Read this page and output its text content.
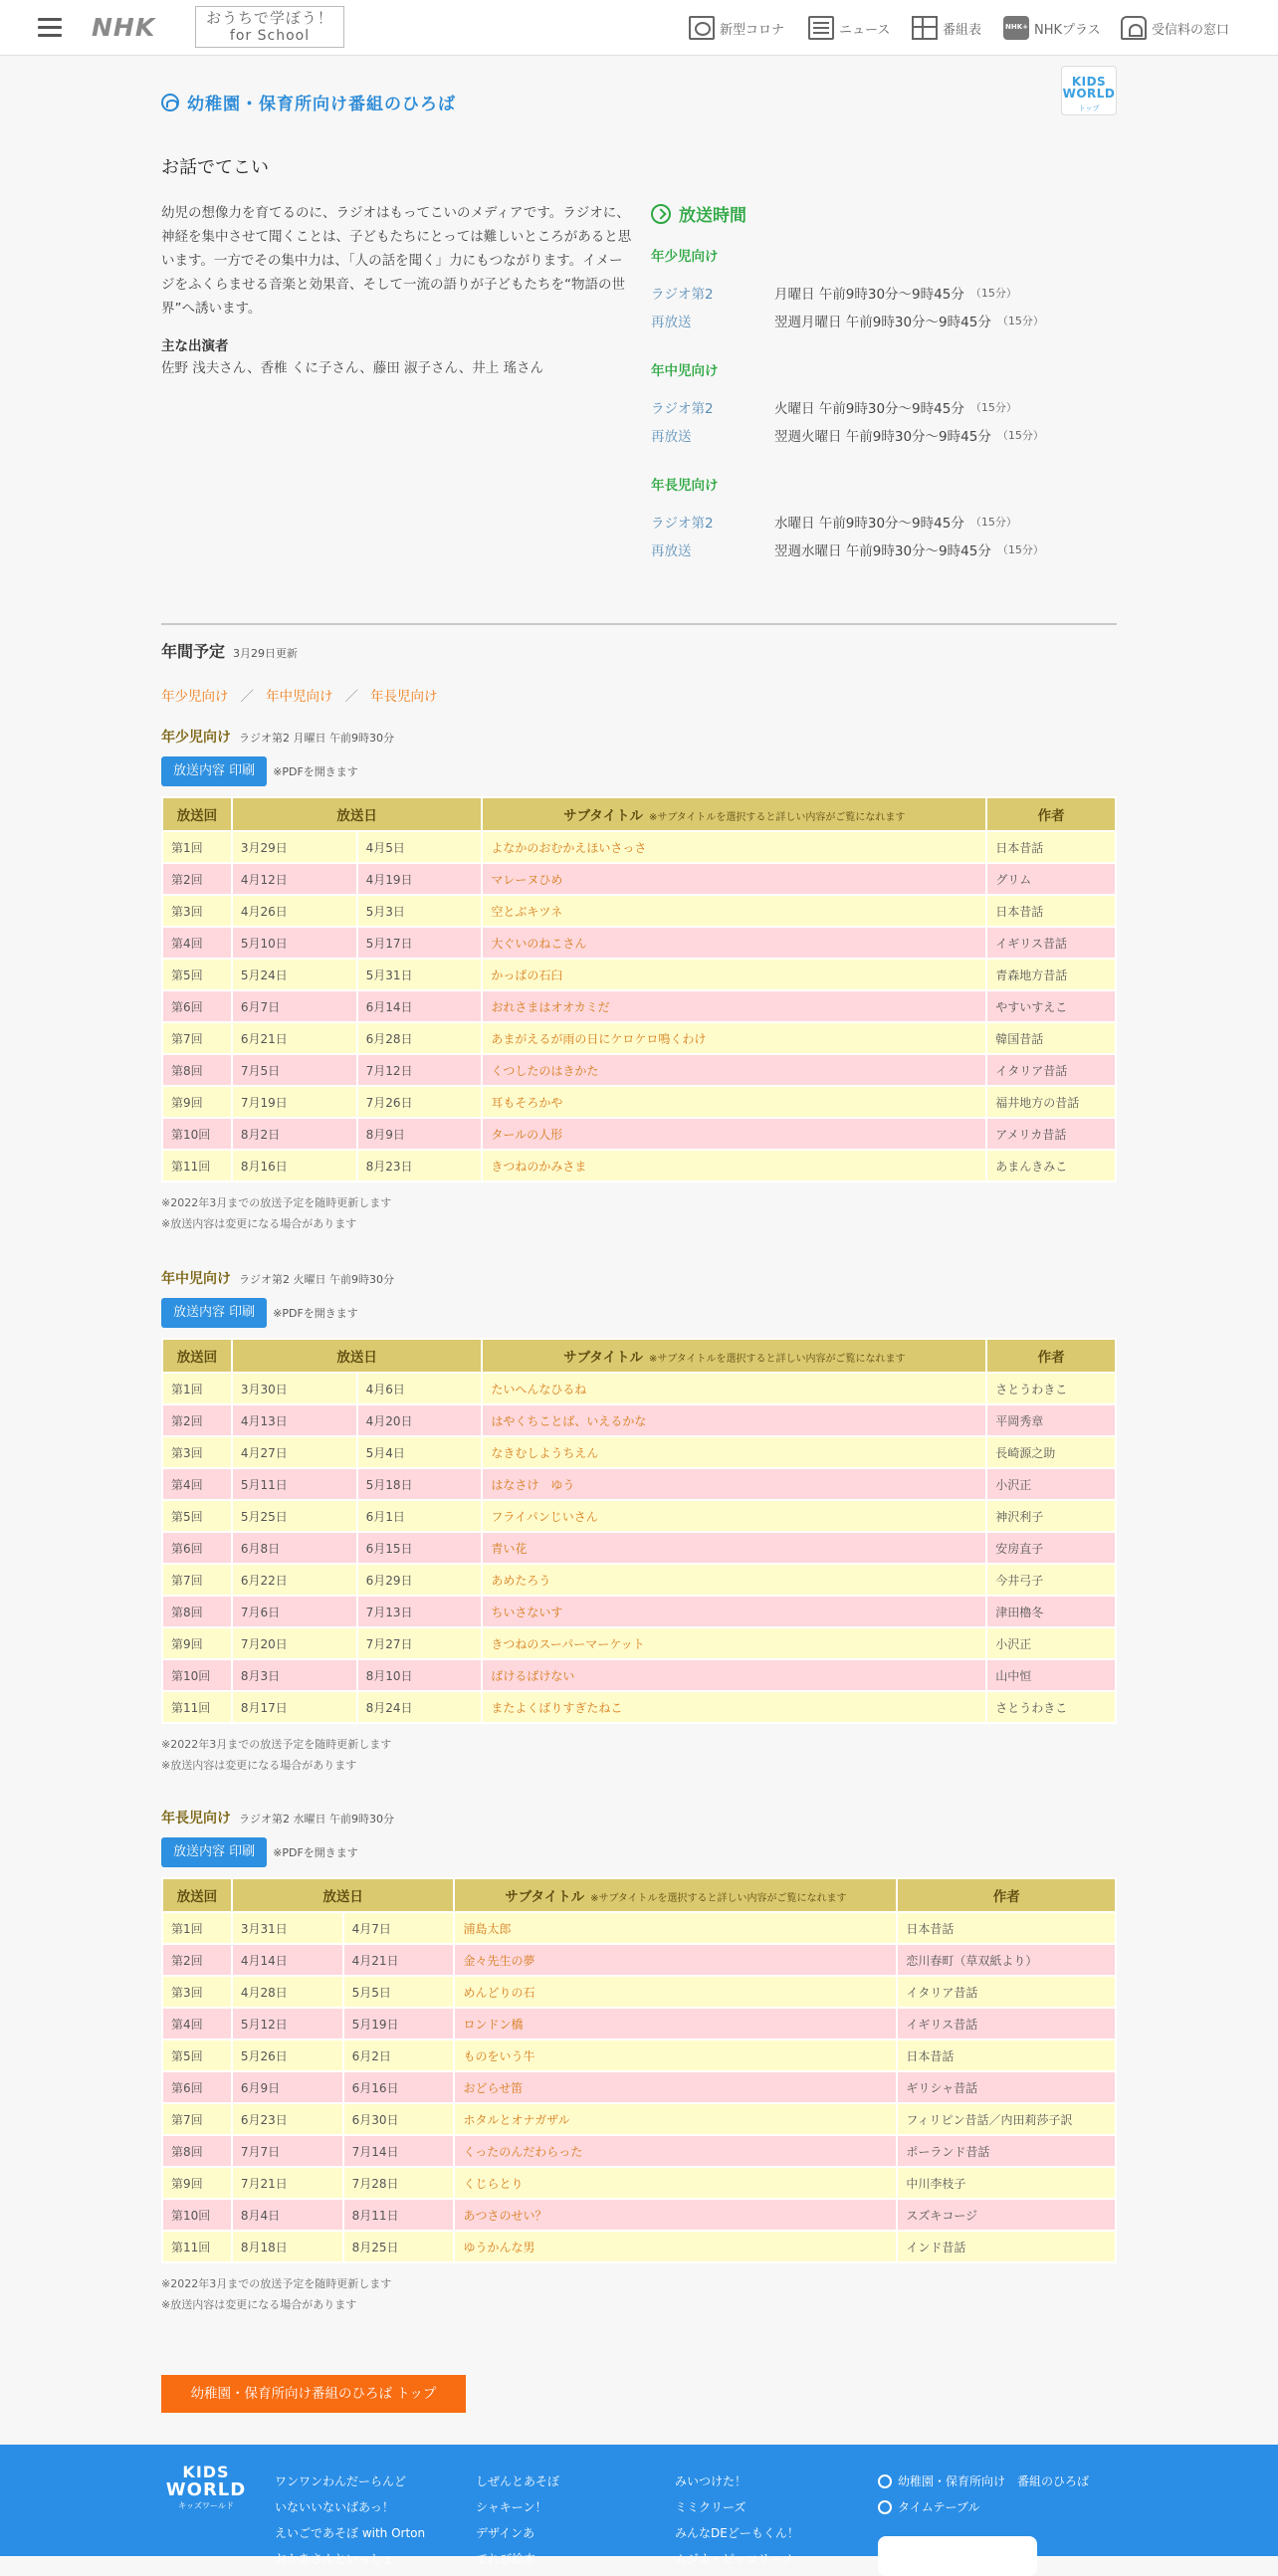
NHK	おうちで学ぼう！
for School	新型コロナ	ニュース	番組表 NHK+	NHKプラス	受信料の窓口
KIDS WORLD
トップ
幼稚園・保育所向け番組のひろば
お話でてこい
幼児の想像力を育てるのに、ラジオはもってこいのメディアです。ラジオに、神経を集中させて聞くことは、子どもたちにとっては難しいところがあると思います。一方でその集中力は、「人の話を聞く」力にもつながります。イメージをふくらませる音楽と効果音、そして一流の語りが子どもたちを“物語の世界”へ誘います。
主な出演者
佐野 浅夫さん、香椎 くに子さん、藤田 淑子さん、井上 瑤さん
放送時間
年少児向け
ラジオ第2	月曜日 午前9時30分～9時45分 （15分）
再放送	翌週月曜日 午前9時30分～9時45分 （15分）
年中児向け
ラジオ第2	火曜日 午前9時30分～9時45分 （15分）
再放送	翌週火曜日 午前9時30分～9時45分 （15分）
年長児向け
ラジオ第2	水曜日 午前9時30分～9時45分 （15分）
再放送	翌週水曜日 午前9時30分～9時45分 （15分）
年間予定 3月29日更新
年少児向け ／ 年中児向け ／ 年長児向け
年少児向け ラジオ第2 月曜日 午前9時30分
放送内容 印刷	※PDFを開きます
放送回	放送日		サブタイトル ※サブタイトルを選択すると詳しい内容がご覧になれます	作者
第1回	3月29日	4月5日	よなかのおむかえほいさっさ	日本昔話
第2回	4月12日	4月19日	マレーヌひめ	グリム
第3回	4月26日	5月3日	空とぶキツネ	日本昔話
第4回	5月10日	5月17日	大ぐいのねこさん	イギリス昔話
第5回	5月24日	5月31日	かっぱの石臼	青森地方昔話
第6回	6月7日	6月14日	おれさまはオオカミだ	やすいすえこ
第7回	6月21日	6月28日	あまがえるが雨の日にケロケロ鳴くわけ	韓国昔話
第8回	7月5日	7月12日	くつしたのはきかた	イタリア昔話
第9回	7月19日	7月26日	耳もそろかや	福井地方の昔話
第10回	8月2日	8月9日	タールの人形	アメリカ昔話
第11回	8月16日	8月23日	きつねのかみさま	あまんきみこ
※2022年3月までの放送予定を随時更新します
※放送内容は変更になる場合があります
年中児向け ラジオ第2 火曜日 午前9時30分
放送内容 印刷	※PDFを開きます
放送回	放送日		サブタイトル ※サブタイトルを選択すると詳しい内容がご覧になれます	作者
第1回	3月30日	4月6日	たいへんなひるね	さとうわきこ
第2回	4月13日	4月20日	はやくちことば、いえるかな	平岡秀章
第3回	4月27日	5月4日	なきむしようちえん	長崎源之助
第4回	5月11日	5月18日	はなさけ　ゆう	小沢正
第5回	5月25日	6月1日	フライパンじいさん	神沢利子
第6回	6月8日	6月15日	青い花	安房直子
第7回	6月22日	6月29日	あめたろう	今井弓子
第8回	7月6日	7月13日	ちいさないす	津田櫓冬
第9回	7月20日	7月27日	きつねのスーパーマーケット	小沢正
第10回	8月3日	8月10日	ばけるばけない	山中恒
第11回	8月17日	8月24日	またよくばりすぎたねこ	さとうわきこ
※2022年3月までの放送予定を随時更新します
※放送内容は変更になる場合があります
年長児向け ラジオ第2 水曜日 午前9時30分
放送内容 印刷	※PDFを開きます
放送回	放送日		サブタイトル ※サブタイトルを選択すると詳しい内容がご覧になれます	作者
第1回	3月31日	4月7日	浦島太郎	日本昔話
第2回	4月14日	4月21日	金々先生の夢	恋川春町（草双紙より）
第3回	4月28日	5月5日	めんどりの石	イタリア昔話
第4回	5月12日	5月19日	ロンドン橋	イギリス昔話
第5回	5月26日	6月2日	ものをいう牛	日本昔話
第6回	6月9日	6月16日	おどらせ笛	ギリシャ昔話
第7回	6月23日	6月30日	ホタルとオナガザル	フィリピン昔話／内田莉莎子訳
第8回	7月7日	7月14日	くったのんだわらった	ポーランド昔話
第9回	7月21日	7月28日	くじらとり	中川李枝子
第10回	8月4日	8月11日	あつさのせい？	スズキコージ
第11回	8月18日	8月25日	ゆうかんな男	インド昔話
※2022年3月までの放送予定を随時更新します
※放送内容は変更になる場合があります
幼稚園・保育所向け番組のひろば トップ
KIDS
WORLD
キッズワールド
ワンワンわんだーらんど
いないいないばあっ！
えいごであそぼ with Orton
おかあさんといっしょ
しぜんとあそぼ
シャキーン！
デザインあ
てれび絵本
みいつけた！
ミミクリーズ
みんなDEどーもくん！
ムジカ・ピッコリーノ
幼稚園・保育所向け　番組のひろば
タイムテーブル
